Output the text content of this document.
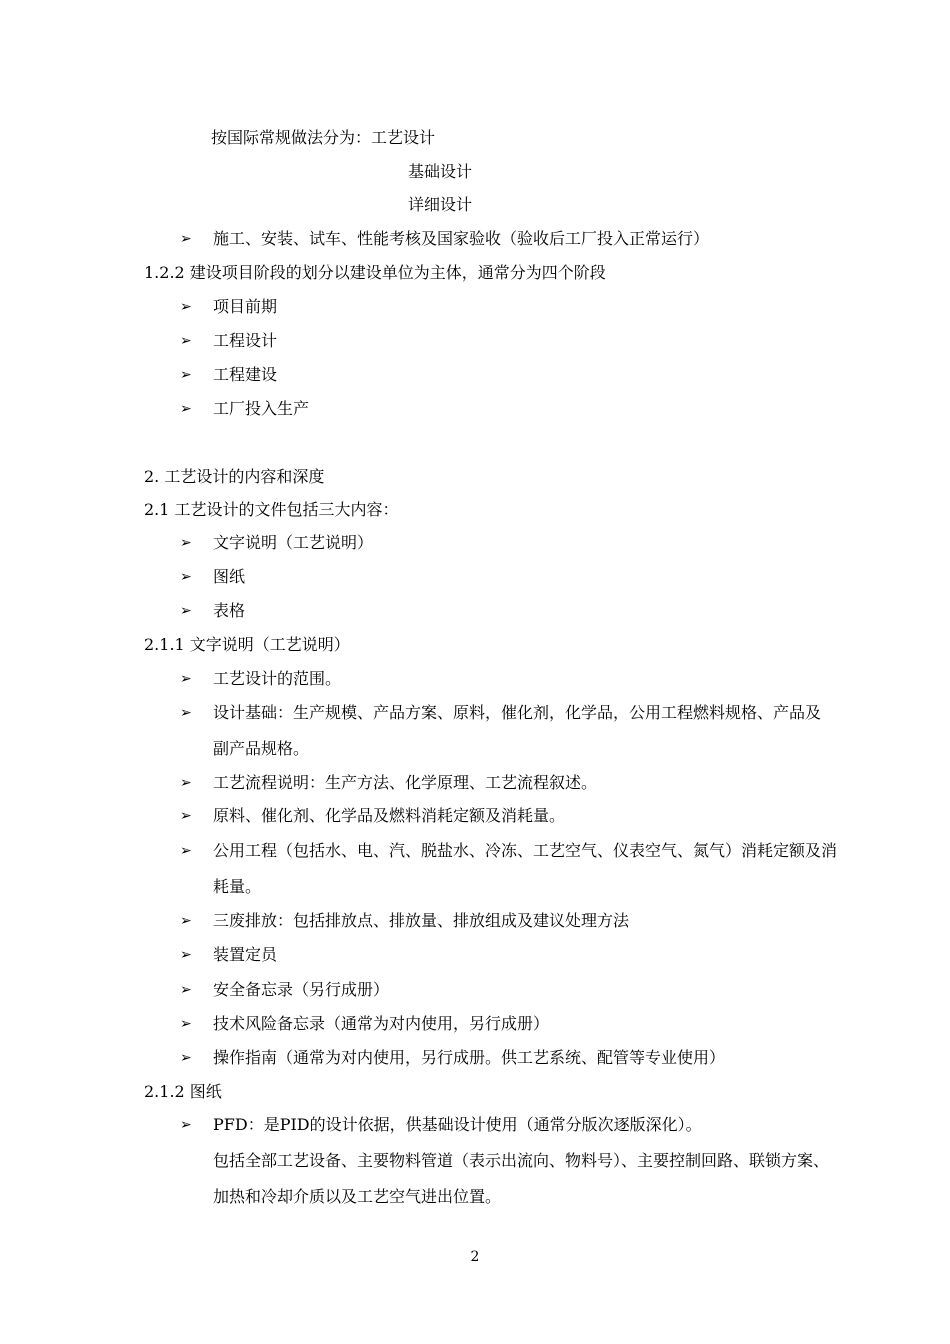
按国际常规做法分为：工艺设计
基础设计
详细设计
➢ 施工、安装、试车、性能考核及国家验收（验收后工厂投入正常运行）
1.2.2 建设项目阶段的划分以建设单位为主体，通常分为四个阶段
➢ 项目前期
➢ 工程设计
➢ 工程建设
➢ 工厂投入生产
2. 工艺设计的内容和深度
2.1 工艺设计的文件包括三大内容：
➢ 文字说明（工艺说明）
➢ 图纸
➢ 表格
2.1.1 文字说明（工艺说明）
➢ 工艺设计的范围。
➢ 设计基础：生产规模、产品方案、原料，催化剂，化学品，公用工程燃料规格、产品及
副产品规格。
➢ 工艺流程说明：生产方法、化学原理、工艺流程叙述。
➢ 原料、催化剂、化学品及燃料消耗定额及消耗量。
➢ 公用工程（包括水、电、汽、脱盐水、冷冻、工艺空气、仪表空气、氮气）消耗定额及消
耗量。
➢ 三废排放：包括排放点、排放量、排放组成及建议处理方法
➢ 装置定员
➢ 安全备忘录（另行成册）
➢ 技术风险备忘录（通常为对内使用，另行成册）
➢ 操作指南（通常为对内使用，另行成册。供工艺系统、配管等专业使用）
2.1.2 图纸
➢ PFD：是PID的设计依据，供基础设计使用（通常分版次逐版深化）。
包括全部工艺设备、主要物料管道（表示出流向、物料号）、主要控制回路、联锁方案、
加热和冷却介质以及工艺空气进出位置。
2
